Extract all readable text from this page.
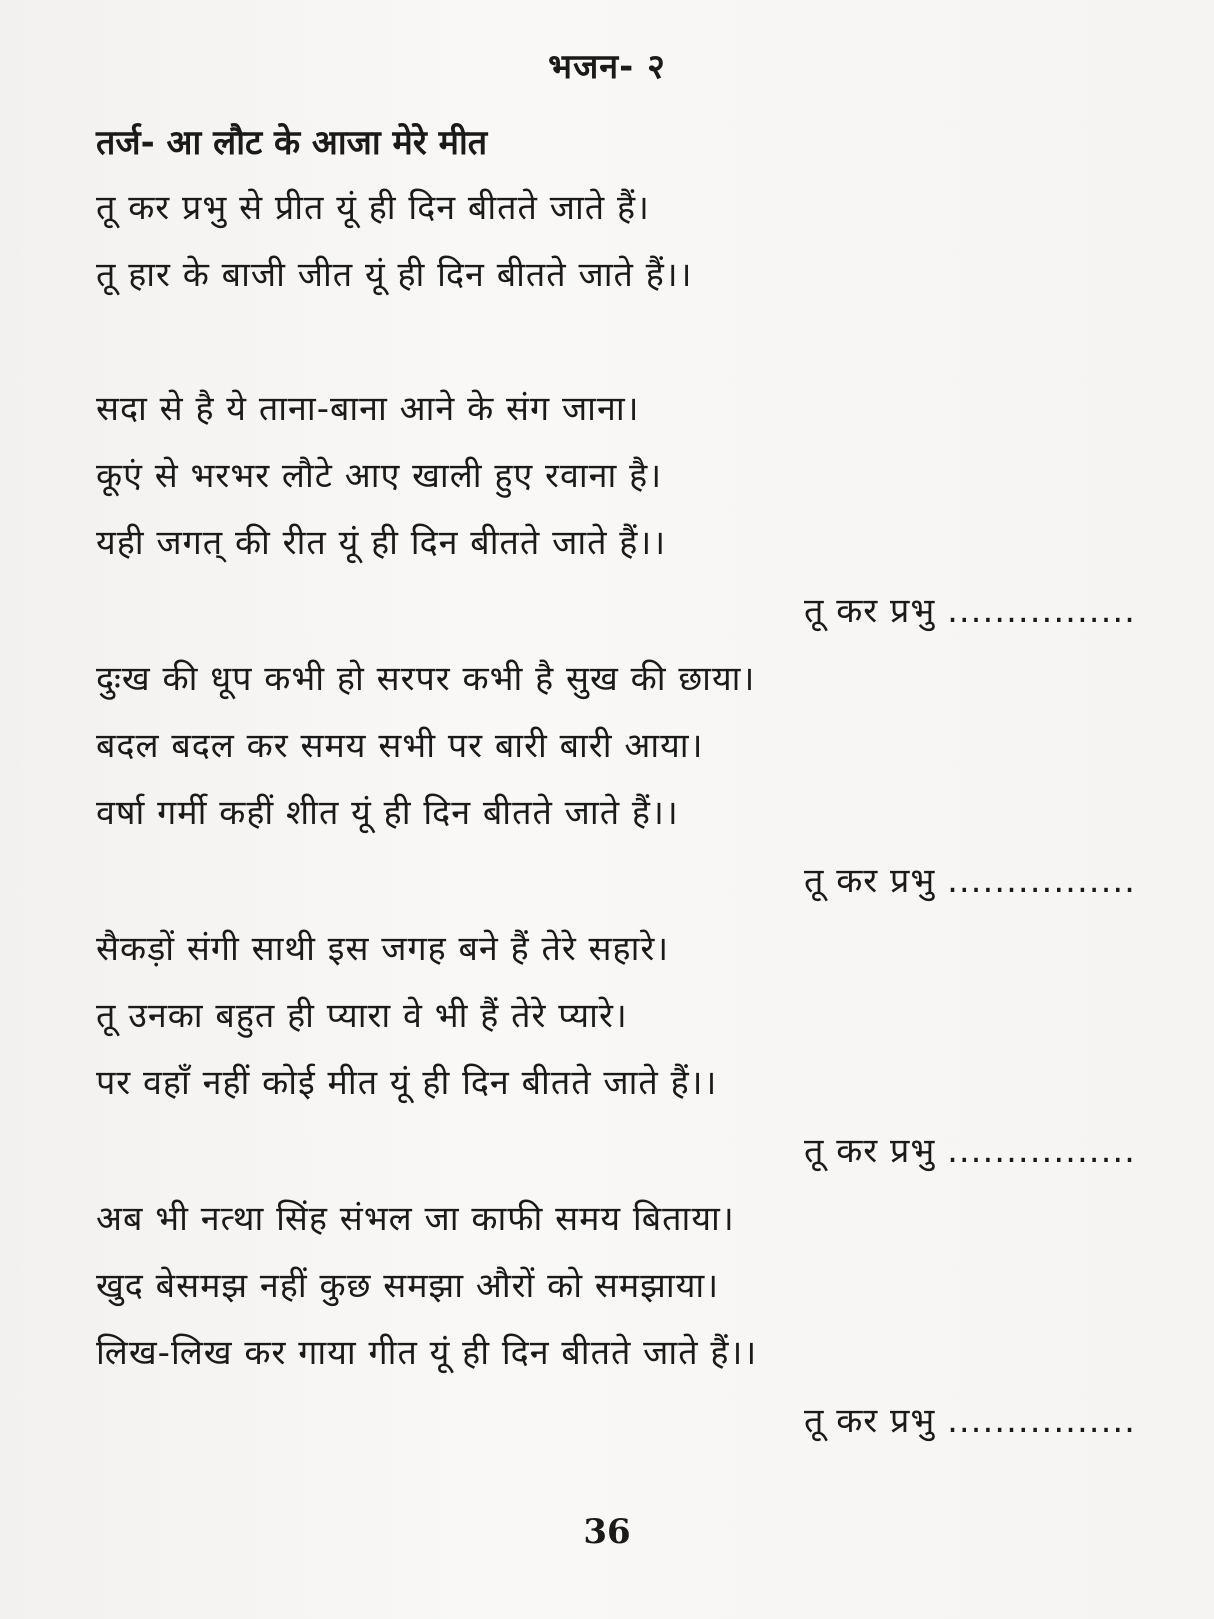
भजन- २
तर्ज- आ लौट के आजा मेरे मीत
तू कर प्रभु से प्रीत यूं ही दिन बीतते जाते हैं।
तू हार के बाजी जीत यूं ही दिन बीतते जाते हैं।।
सदा से है ये ताना-बाना आने के संग जाना।
कूएं से भरभर लौटे आए खाली हुए रवाना है।
यही जगत् की रीत यूं ही दिन बीतते जाते हैं।।
तू कर प्रभु ................
दुःख की धूप कभी हो सरपर कभी है सुख की छाया।
बदल बदल कर समय सभी पर बारी बारी आया।
वर्षा गर्मी कहीं शीत यूं ही दिन बीतते जाते हैं।।
तू कर प्रभु ................
सैकड़ों संगी साथी इस जगह बने हैं तेरे सहारे।
तू उनका बहुत ही प्यारा वे भी हैं तेरे प्यारे।
पर वहाँ नहीं कोई मीत यूं ही दिन बीतते जाते हैं।।
तू कर प्रभु ................
अब भी नत्था सिंह संभल जा काफी समय बिताया।
खुद बेसमझ नहीं कुछ समझा औरों को समझाया।
लिख-लिख कर गाया गीत यूं ही दिन बीतते जाते हैं।।
तू कर प्रभु ................
36
